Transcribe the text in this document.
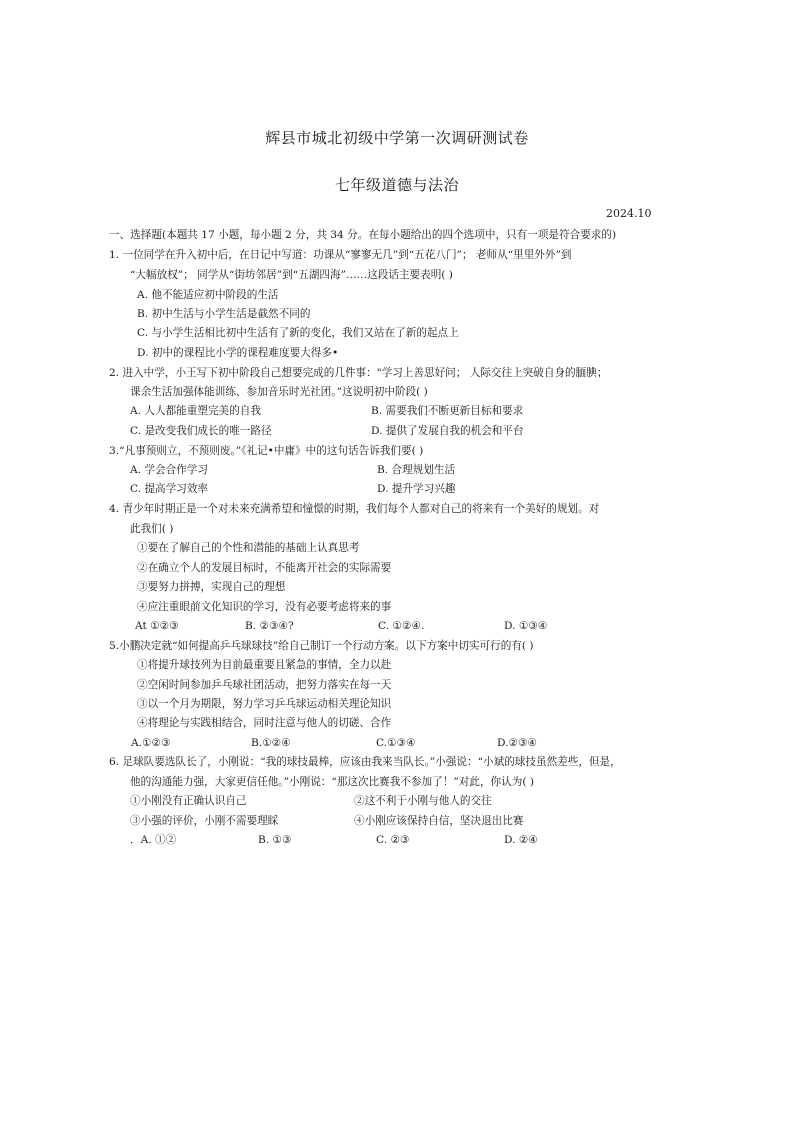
辉县市城北初级中学第一次调研测试卷
七年级道德与法治
2024.10
一、选择题(本题共 17 小题，每小题 2 分，共 34 分。在每小题给出的四个选项中，只有一项是符合要求的)
1. 一位同学在升入初中后，在日记中写道：功课从“寥寥无几”到“五花八门”； 老师从“里里外外”到
“大幅放权”； 同学从“街坊邻居”到“五湖四海”……这段话主要表明( )
A. 他不能适应初中阶段的生活
B. 初中生活与小学生活是截然不同的
C. 与小学生活相比初中生活有了新的变化，我们又站在了新的起点上
D. 初中的课程比小学的课程难度要大得多•
2. 进入中学，小王写下初中阶段自己想要完成的几件事："学习上善思好问； 人际交往上突破自身的腼腆；
课余生活加强体能训练、参加音乐时光社团。”这说明初中阶段( )
A. 人人都能重塑完美的自我	B. 需要我们不断更新目标和要求
C. 是改变我们成长的唯一路径	D. 提供了发展自我的机会和平台
3.“凡事预则立，不预则废。”《礼记•中庸》中的这句话告诉我们要( )
A. 学会合作学习	B. 合理规划生活
C. 提高学习效率	D. 提升学习兴趣
4. 青少年时期正是一个对未来充满希望和憧憬的时期，我们每个人都对自己的将来有一个美好的规划。对
此我们( )
①要在了解自己的个性和潜能的基础上认真思考
②在确立个人的发展目标时，不能离开社会的实际需要
③要努力拼搏，实现自己的理想
④应注重眼前文化知识的学习，没有必要考虑将来的事
At ①②③	B. ②③④?	C. ①②④.	D. ①③④
5.小鹏决定就“如何提高乒乓球球技”给自己制订一个行动方案。以下方案中切实可行的有( )
①将提升球技列为目前最重要且紧急的事情，全力以赴
②空闲时间参加乒乓球社团活动，把努力落实在每一天
③以一个月为期限，努力学习乒乓球运动相关理论知识
④将理论与实践相结合，同时注意与他人的切磋、合作
A.①②③	B.①②④	C.①③④	D.②③④
6. 足球队要选队长了，小刚说：“我的球技最棒，应该由我来当队长。”小强说：“小斌的球技虽然差些，但是，
他的沟通能力强，大家更信任他。”小刚说：“那这次比赛我不参加了！”对此，你认为( )
①小刚没有正确认识自己	②这不利于小刚与他人的交往
③小强的评价，小刚不需要理睬	④小刚应该保持自信，坚决退出比赛
．A. ①②	B. ①③	C. ②③	D. ②④
